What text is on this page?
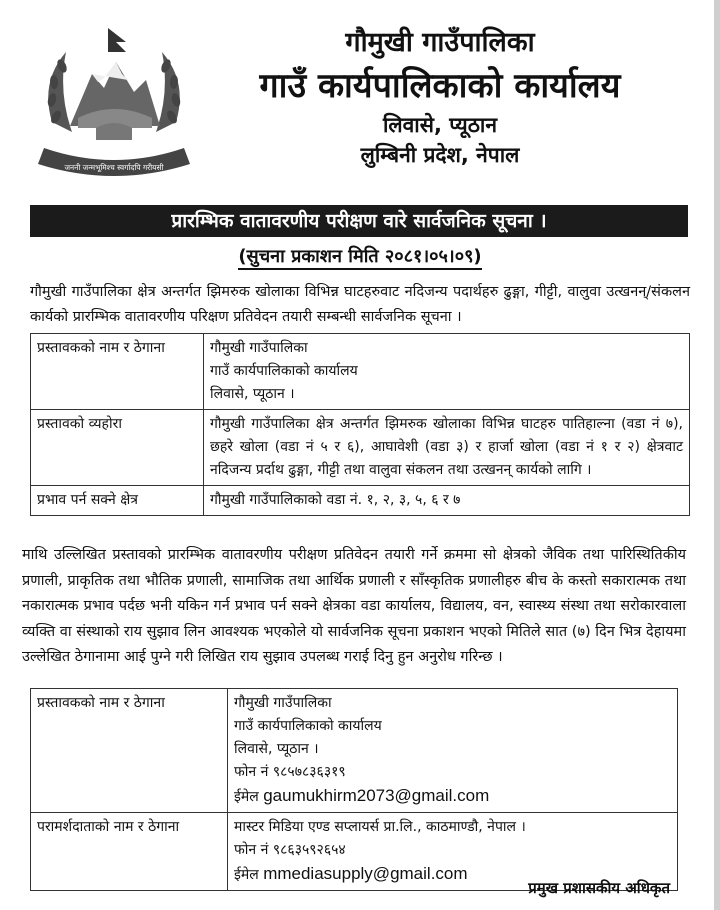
जननी जन्मभूमिश्च स्वर्गादपि गरीयसी
गौमुखी गाउँपालिका
गाउँ कार्यपालिकाको कार्यालय
लिवासे, प्यूठान
लुम्बिनी प्रदेश, नेपाल
प्रारम्भिक वातावरणीय परीक्षण वारे सार्वजनिक सूचना ।
(सुचना प्रकाशन मिति २०८१।०५।०९)
गौमुखी गाउँपालिका क्षेत्र अन्तर्गत झिमरुक खोलाका विभिन्न घाटहरुवाट नदिजन्य पदार्थहरु ढुङ्गा, गीट्टी, वालुवा उत्खनन्/संकलन कार्यको प्रारम्भिक वातावरणीय परिक्षण प्रतिवेदन तयारी सम्बन्धी सार्वजनिक सूचना ।
प्रस्तावकको नाम र ठेगाना	गौमुखी गाउँपालिका
गाउँ कार्यपालिकाको कार्यालय
लिवासे, प्यूठान ।

प्रस्तावको व्यहोरा	गौमुखी गाउँपालिका क्षेत्र अन्तर्गत झिमरुक खोलाका विभिन्न घाटहरु पातिहाल्ना (वडा नं ७), छहरे खोला (वडा नं ५ र ६), आघावेशी (वडा ३) र हार्जा खोला (वडा नं १ र २) क्षेत्रवाट नदिजन्य प्रर्दाथ ढुङ्गा, गीट्टी तथा वालुवा संकलन तथा उत्खनन् कार्यको लागि ।
प्रभाव पर्न सक्ने क्षेत्र	गौमुखी गाउँपालिकाको वडा नं. १, २, ३, ५, ६ र ७
माथि उल्लिखित प्रस्तावको प्रारम्भिक वातावरणीय परीक्षण प्रतिवेदन तयारी गर्ने क्रममा सो क्षेत्रको जैविक तथा पारिस्थितिकीय प्रणाली, प्राकृतिक तथा भौतिक प्रणाली, सामाजिक तथा आर्थिक प्रणाली र साँस्कृतिक प्रणालीहरु बीच के कस्तो सकारात्मक तथा नकारात्मक प्रभाव पर्दछ भनी यकिन गर्न प्रभाव पर्न सक्ने क्षेत्रका वडा कार्यालय, विद्यालय, वन, स्वास्थ्य संस्था तथा सरोकारवाला व्यक्ति वा संस्थाको राय सुझाव लिन आवश्यक भएकोले यो सार्वजनिक सूचना प्रकाशन भएको मितिले सात (७) दिन भित्र देहायमा उल्लेखित ठेगानामा आई पुग्ने गरी लिखित राय सुझाव उपलब्ध गराई दिनु हुन अनुरोध गरिन्छ ।
प्रस्तावकको नाम र ठेगाना	गौमुखी गाउँपालिका
गाउँ कार्यपालिकाको कार्यालय
लिवासे, प्यूठान ।
फोन नं ९८५७८३६३१९
ईमेल gaumukhirm2073@gmail.com

परामर्शदाताको नाम र ठेगाना	मास्टर मिडिया एण्ड सप्लायर्स प्रा.लि., काठमाण्डौ, नेपाल ।
फोन नं ९८६३५९२६५४
ईमेल mmediasupply@gmail.com
प्रमुख प्रशासकीय अधिकृत
